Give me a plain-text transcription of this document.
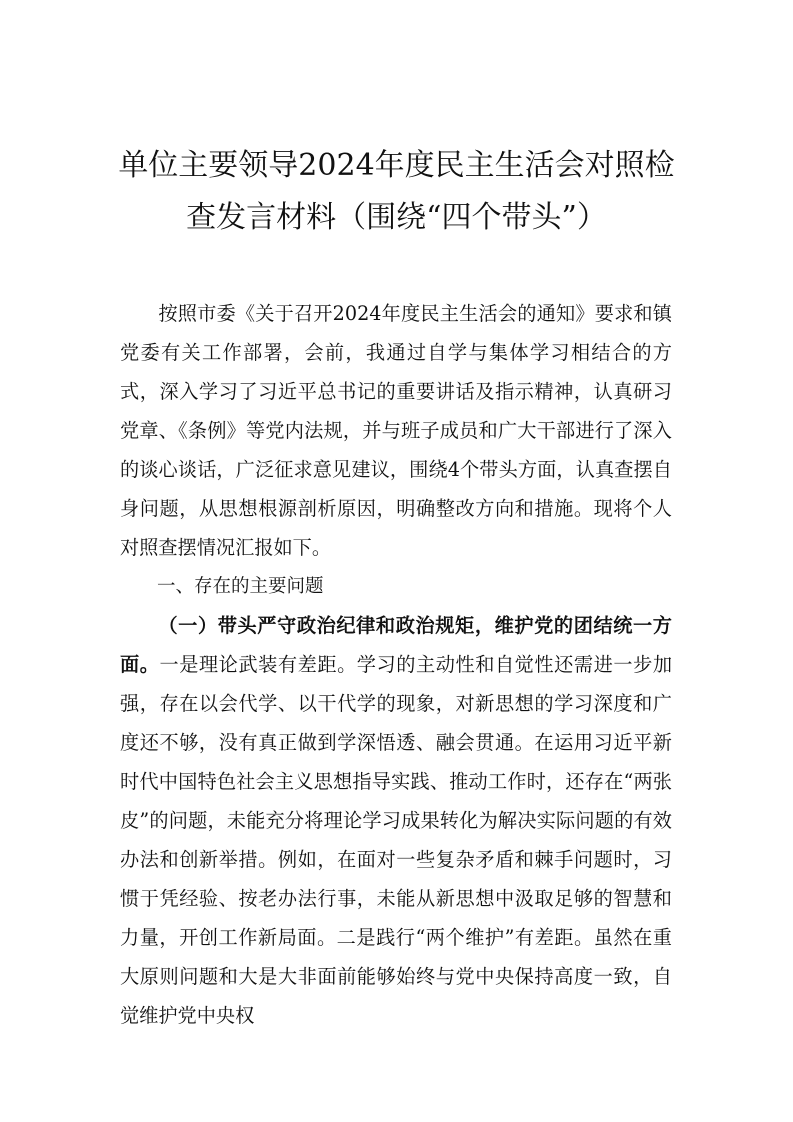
单位主要领导2024年度民主生活会对照检
查发言材料（围绕“四个带头”）

按照市委《关于召开2024年度民主生活会的通知》要求和镇党委有关工作部署，会前，我通过自学与集体学习相结合的方式，深入学习了习近平总书记的重要讲话及指示精神，认真研习党章、《条例》等党内法规，并与班子成员和广大干部进行了深入的谈心谈话，广泛征求意见建议，围绕4个带头方面，认真查摆自身问题，从思想根源剖析原因，明确整改方向和措施。现将个人对照查摆情况汇报如下。

一、存在的主要问题

（一）带头严守政治纪律和政治规矩，维护党的团结统一方面。一是理论武装有差距。学习的主动性和自觉性还需进一步加强，存在以会代学、以干代学的现象，对新思想的学习深度和广度还不够，没有真正做到学深悟透、融会贯通。在运用习近平新时代中国特色社会主义思想指导实践、推动工作时，还存在“两张皮”的问题，未能充分将理论学习成果转化为解决实际问题的有效办法和创新举措。例如，在面对一些复杂矛盾和棘手问题时，习惯于凭经验、按老办法行事，未能从新思想中汲取足够的智慧和力量，开创工作新局面。二是践行“两个维护”有差距。虽然在重大原则问题和大是大非面前能够始终与党中央保持高度一致，自觉维护党中央权
